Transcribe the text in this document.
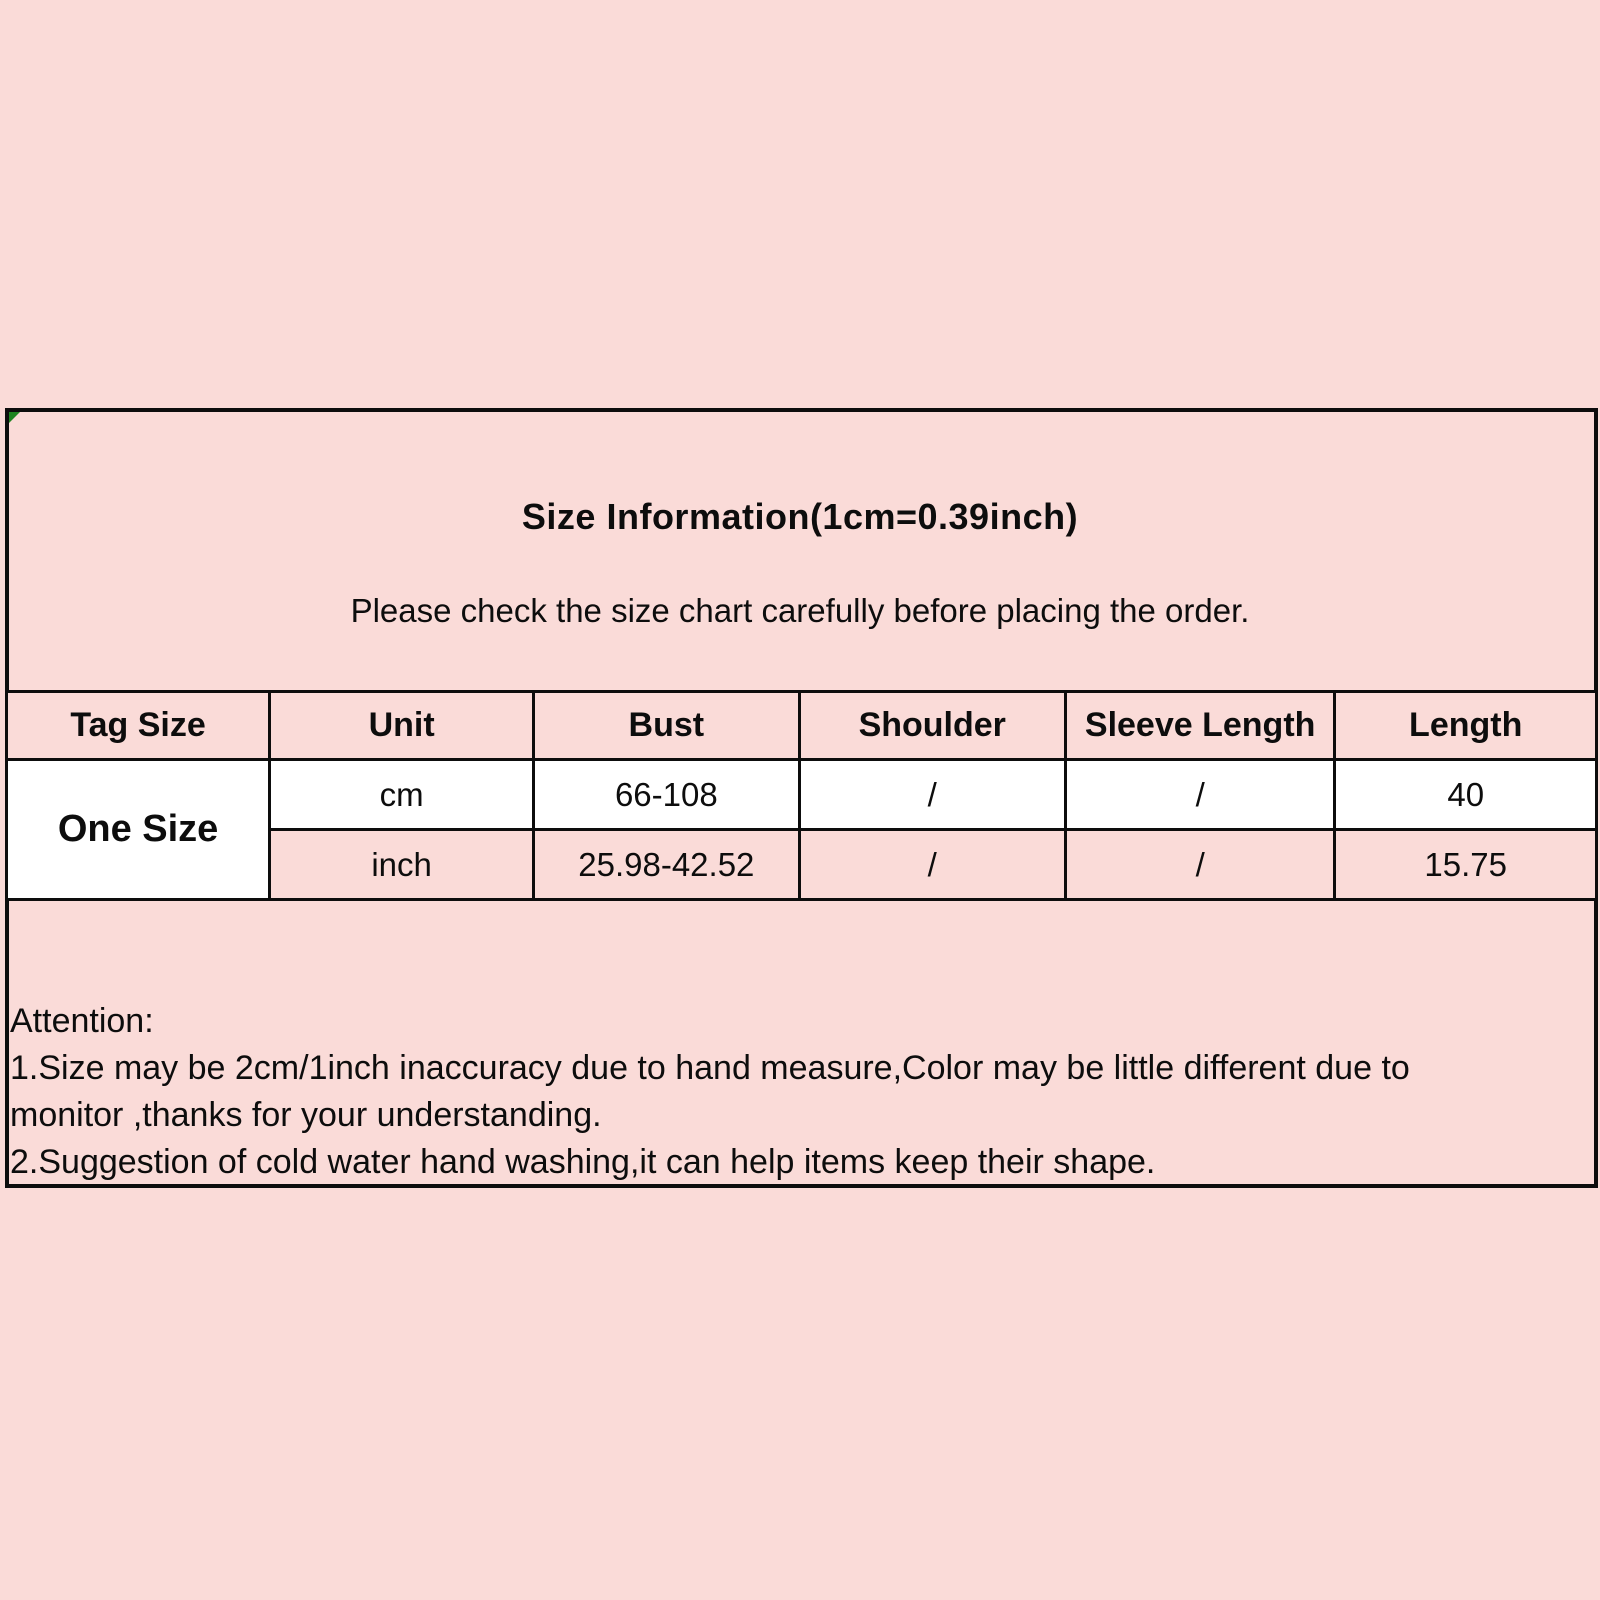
Size Information(1cm=0.39inch)
Please check the size chart carefully before placing the order.
Tag Size	Unit	Bust	Shoulder	Sleeve Length	Length
One Size	cm	66-108	/	/	40
	inch	25.98-42.52	/	/	15.75
Attention:
1.Size may be 2cm/1inch inaccuracy due to hand measure,Color may be little different due to
monitor ,thanks for your understanding.
2.Suggestion of cold water hand washing,it can help items keep their shape.
